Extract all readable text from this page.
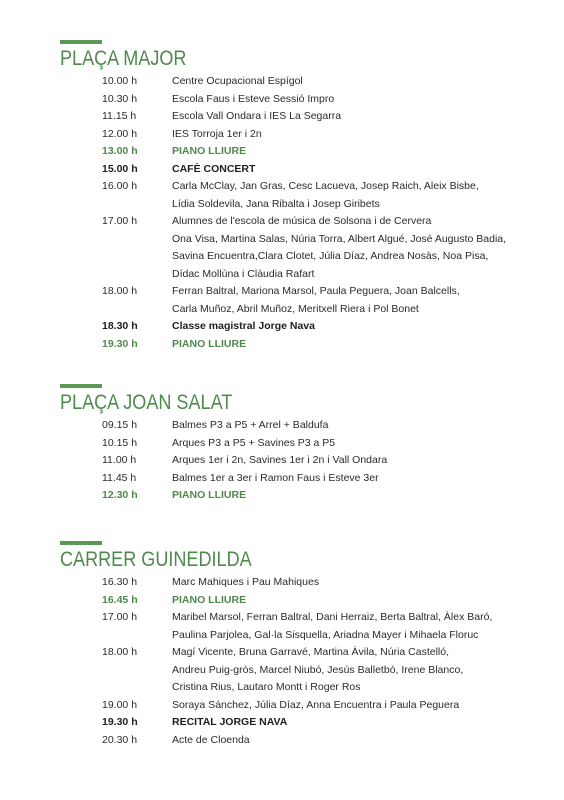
PLAÇA MAJOR
10.00 h	Centre Ocupacional Espígol
10.30 h	Escola Faus i Esteve Sessió Impro
11.15 h	Escola Vall Ondara i IES La Segarra
12.00 h	IES Torroja 1er i 2n
13.00 h	PIANO LLIURE
15.00 h	CAFÈ CONCERT
16.00 h	Carla McClay, Jan Gras, Cesc Lacueva, Josep Raich, Aleix Bisbe,
Lídia Soldevila, Jana Ribalta i Josep Giribets
17.00 h	Alumnes de l'escola de música de Solsona i de Cervera
Ona Visa, Martina Salas, Núria Torra, Albert Algué, José Augusto Badia,
Savina Encuentra,Clara Clotet, Júlia Díaz, Andrea Nosàs, Noa Pisa,
Dídac Mollùna i Clàudia Rafart
18.00 h	Ferran Baltral, Mariona Marsol, Paula Peguera, Joan Balcells,
Carla Muñoz, Abril Muñoz, Meritxell Riera i Pol Bonet
18.30 h	Classe magistral Jorge Nava
19.30 h	PIANO LLIURE
PLAÇA JOAN SALAT
09.15 h	Balmes P3 a P5 + Arrel + Baldufa
10.15 h	Arques P3 a P5 + Savines P3 a P5
11.00 h	Arques 1er i 2n, Savines 1er i 2n i Vall Ondara
11.45 h	Balmes 1er a 3er i Ramon Faus i Esteve 3er
12.30 h	PIANO LLIURE
CARRER GUINEDILDA
16.30 h	Marc Mahiques i Pau Mahiques
16.45 h	PIANO LLIURE
17.00 h	Maribel Marsol, Ferran Baltral, Dani Herraiz, Berta Baltral, Àlex Baró,
Paulina Parjolea, Gal·la Sisquella, Ariadna Mayer i Mihaela Floruc
18.00 h	Magí Vicente, Bruna Garravé, Martina Àvila, Núria Castelló,
Andreu Puig-gròs, Marcel Niubó, Jesús Balletbò, Irene Blanco,
Cristina Rius, Lautaro Montt i Roger Ros
19.00 h	Soraya Sánchez, Júlia Díaz, Anna Encuentra i Paula Peguera
19.30 h	RECITAL JORGE NAVA
20.30 h	Acte de Cloenda
